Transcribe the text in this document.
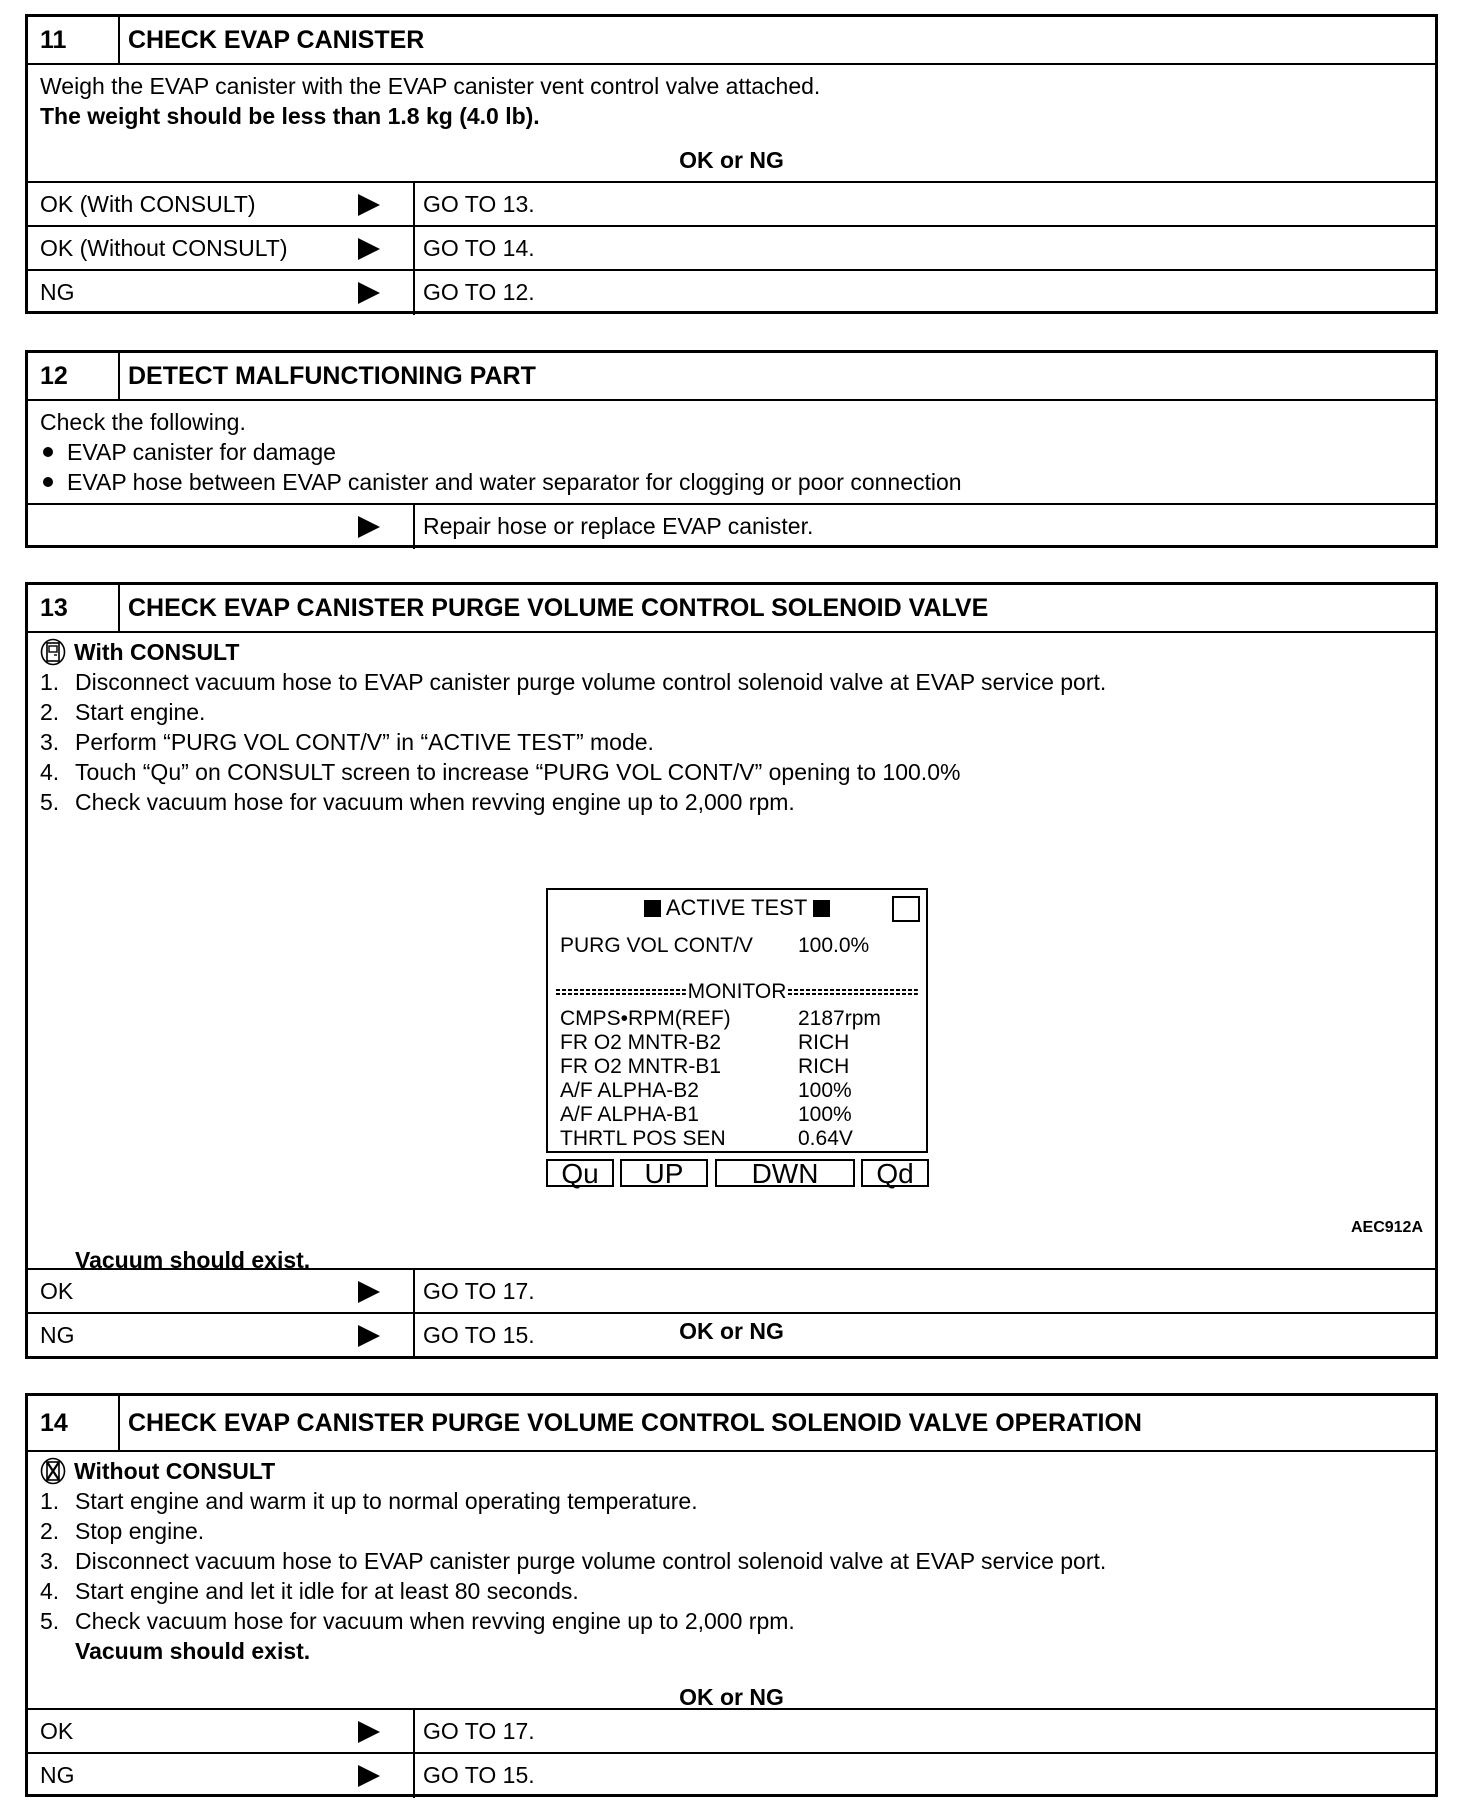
11	CHECK EVAP CANISTER
Weigh the EVAP canister with the EVAP canister vent control valve attached.
The weight should be less than 1.8 kg (4.0 lb).
OK or NG
OK (With CONSULT)	GO TO 13.
OK (Without CONSULT)	GO TO 14.
NG	GO TO 12.
12	DETECT MALFUNCTIONING PART
Check the following.
EVAP canister for damage
EVAP hose between EVAP canister and water separator for clogging or poor connection
Repair hose or replace EVAP canister.
13	CHECK EVAP CANISTER PURGE VOLUME CONTROL SOLENOID VALVE
With CONSULT
1. Disconnect vacuum hose to EVAP canister purge volume control solenoid valve at EVAP service port.
2. Start engine.
3. Perform “PURG VOL CONT/V” in “ACTIVE TEST” mode.
4. Touch “Qu” on CONSULT screen to increase “PURG VOL CONT/V” opening to 100.0%
5. Check vacuum hose for vacuum when revving engine up to 2,000 rpm.
ACTIVE TEST
PURG VOL CONT/V 100.0%
MONITOR
CMPS•RPM(REF)	2187rpm
FR O2 MNTR-B2	RICH
FR O2 MNTR-B1	RICH
A/F ALPHA-B2	100%
A/F ALPHA-B1	100%
THRTL POS SEN	0.64V
Qu	UP	DWN	Qd
AEC912A
Vacuum should exist.
OK or NG
OK	GO TO 17.
NG	GO TO 15.
14	CHECK EVAP CANISTER PURGE VOLUME CONTROL SOLENOID VALVE OPERATION
Without CONSULT
1. Start engine and warm it up to normal operating temperature.
2. Stop engine.
3. Disconnect vacuum hose to EVAP canister purge volume control solenoid valve at EVAP service port.
4. Start engine and let it idle for at least 80 seconds.
5. Check vacuum hose for vacuum when revving engine up to 2,000 rpm.
Vacuum should exist.
OK or NG
OK	GO TO 17.
NG	GO TO 15.
